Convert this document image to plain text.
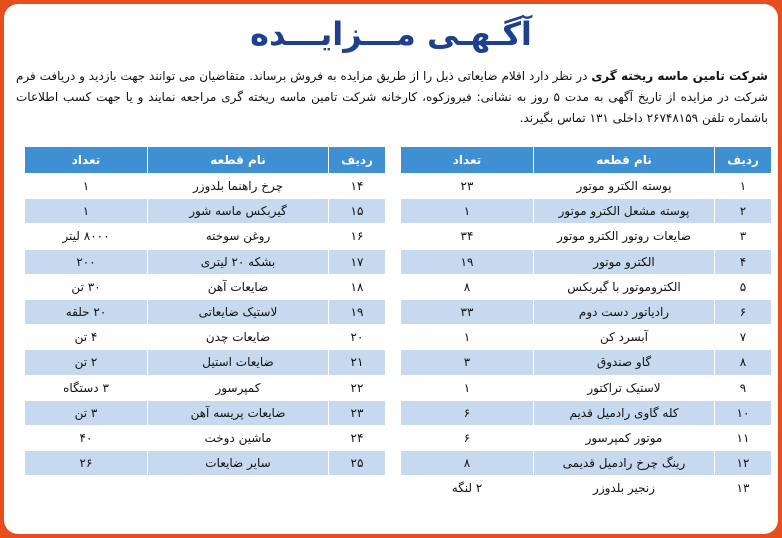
آگـهـی مـــزایـــده
شرکت تامین ماسه ریخته گری در نظر دارد اقلام ضایعاتی ذیل را از طریق مزایده به فروش برساند. متقاضیان می توانند جهت بازدید و دریافت فرم شرکت در مزایده از تاریخ آگهی به مدت ۵ روز به نشانی: فیروزکوه، کارخانه شرکت تامین ماسه ریخته گری مراجعه نمایند و یا جهت کسب اطلاعات باشماره تلفن ۲۶۷۴۸۱۵۹ داخلی ۱۳۱ تماس بگیرند.
ردیف	نام قطعه	تعداد
۱	پوسته الکترو موتور	۲۳
۲	پوسته مشعل الکترو موتور	۱
۳	ضایعات روتور الکترو موتور	۳۴
۴	الکترو موتور	۱۹
۵	الکتروموتور با گیربکس	۸
۶	رادیاتور دست دوم	۳۳
۷	آبسرد کن	۱
۸	گاو صندوق	۳
۹	لاستیک تراکتور	۱
۱۰	کله گاوی رادمیل قدیم	۶
۱۱	موتور کمپرسور	۶
۱۲	رینگ چرخ رادمیل قدیمی	۸
۱۳	زنجیر بلدوزر	۲ لنگه
ردیف	نام قطعه	تعداد
۱۴	چرخ راهنما بلدوزر	۱
۱۵	گیربکس ماسه شور	۱
۱۶	روغن سوخته	۸۰۰۰ لیتر
۱۷	بشکه ۲۰ لیتری	۲۰۰
۱۸	ضایعات آهن	۳۰ تن
۱۹	لاستیک ضایعاتی	۲۰ حلقه
۲۰	ضایعات چدن	۴ تن
۲۱	ضایعات استیل	۲ تن
۲۲	کمپرسور	۳ دستگاه
۲۳	ضایعات پریسه آهن	۳ تن
۲۴	ماشین دوخت	۴۰
۲۵	سایر ضایعات	۲۶
